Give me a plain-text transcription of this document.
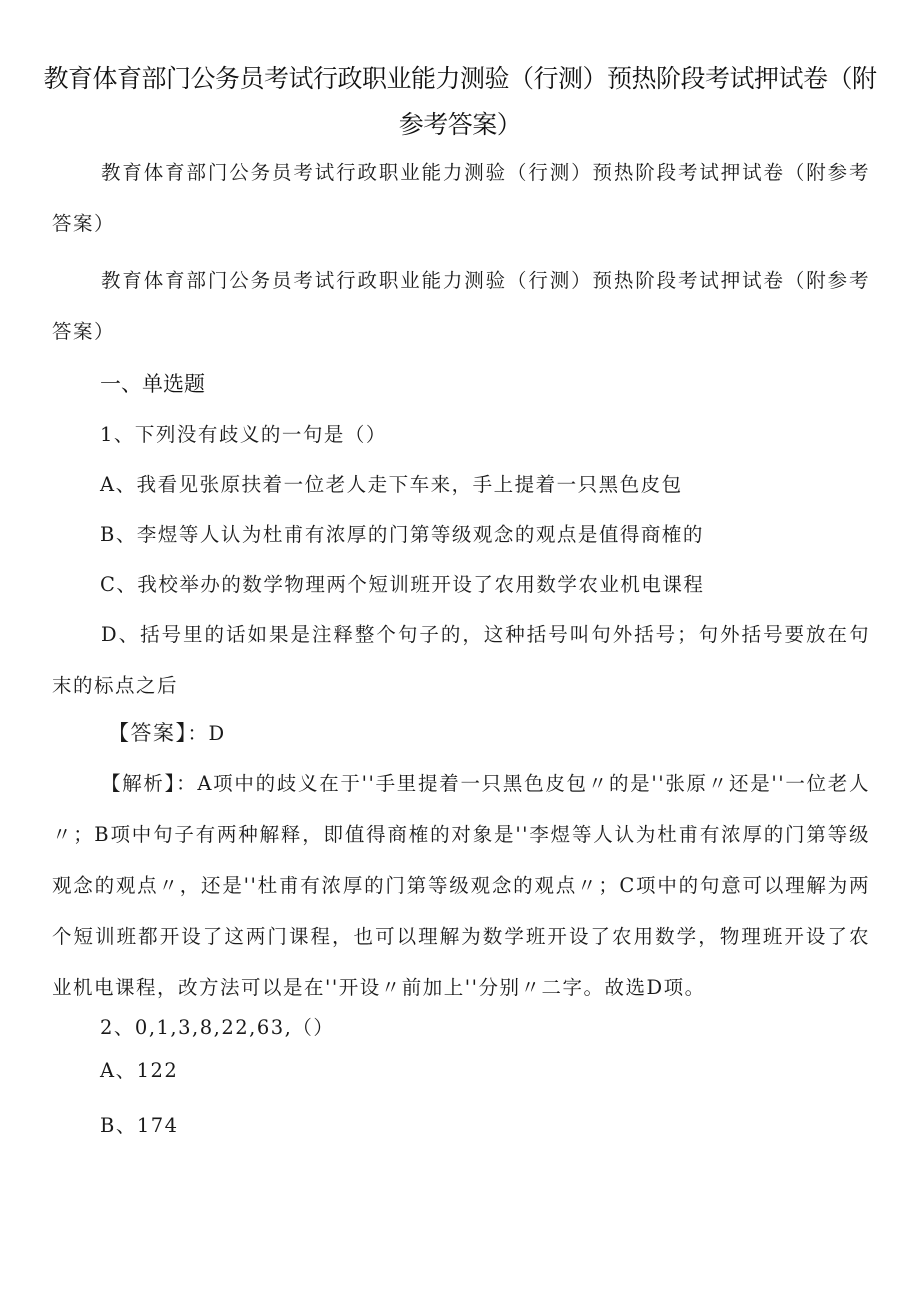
教育体育部门公务员考试行政职业能力测验（行测）预热阶段考试押试卷（附参考答案）
教育体育部门公务员考试行政职业能力测验（行测）预热阶段考试押试卷（附参考答案）
教育体育部门公务员考试行政职业能力测验（行测）预热阶段考试押试卷（附参考答案）
一、单选题
1、下列没有歧义的一句是（）
A、我看见张原扶着一位老人走下车来，手上提着一只黑色皮包
B、李煜等人认为杜甫有浓厚的门第等级观念的观点是值得商榷的
C、我校举办的数学物理两个短训班开设了农用数学农业机电课程
D、括号里的话如果是注释整个句子的，这种括号叫句外括号；句外括号要放在句末的标点之后
【答案】：D
【解析】：A项中的歧义在于''手里提着一只黑色皮包〃的是''张原〃还是''一位老人〃；B项中句子有两种解释，即值得商榷的对象是''李煜等人认为杜甫有浓厚的门第等级观念的观点〃，还是''杜甫有浓厚的门第等级观念的观点〃；C项中的句意可以理解为两个短训班都开设了这两门课程，也可以理解为数学班开设了农用数学，物理班开设了农业机电课程，改方法可以是在''开设〃前加上''分别〃二字。故选D项。
2、0,1,3,8,22,63,（）
A、122
B、174
